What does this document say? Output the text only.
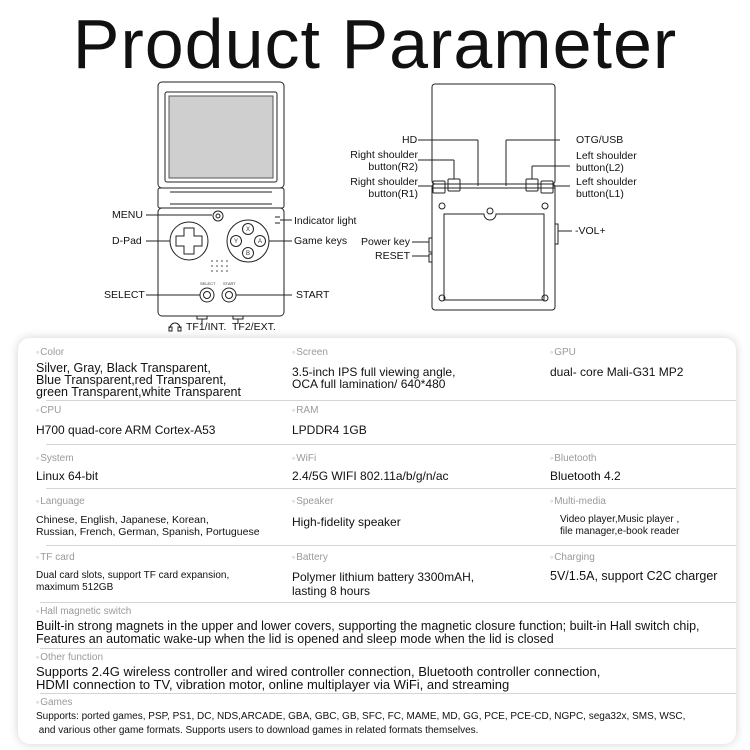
Product Parameter
SELECT START
X
Y	A
B
MENU
D-Pad
SELECT	START
Indicator light
Game keys
TF1/INT. TF2/EXT.
HD
Right shoulder
button(R2)
Right shoulder
button(R1)
OTG/USB
Left shoulder
button(L2)
Left shoulder
button(L1)
-VOL+
Power key
RESET
◦ Color
Silver, Gray, Black Transparent,
Blue Transparent,red Transparent,
green Transparent,white Transparent
◦ Screen
3.5-inch IPS full viewing angle,
OCA full lamination/ 640*480
◦ GPU
dual- core Mali-G31 MP2
◦ CPU
H700 quad-core ARM Cortex-A53
◦ RAM
LPDDR4 1GB
◦ System
Linux 64-bit
◦ WiFi
2.4/5G WIFI 802.11a/b/g/n/ac
◦ Bluetooth
Bluetooth 4.2
◦ Language
Chinese, English, Japanese, Korean,
Russian, French, German, Spanish, Portuguese
◦ Speaker
High-fidelity speaker
◦ Multi-media
Video player,Music player ,
file manager,e-book reader
◦ TF card
Dual card slots, support TF card expansion,
maximum 512GB
◦ Battery
Polymer lithium battery 3300mAH,
lasting 8 hours
◦ Charging
5V/1.5A, support C2C charger
◦ Hall magnetic switch
Built-in strong magnets in the upper and lower covers, supporting the magnetic closure function; built-in Hall switch chip,
Features an automatic wake-up when the lid is opened and sleep mode when the lid is closed
◦ Other function
Supports 2.4G wireless controller and wired controller connection, Bluetooth controller connection,
HDMI connection to TV, vibration motor, online multiplayer via WiFi, and streaming
◦ Games
Supports: ported games, PSP, PS1, DC, NDS,ARCADE, GBA, GBC, GB, SFC, FC, MAME, MD, GG, PCE, PCE-CD, NGPC, sega32x, SMS, WSC,
and various other game formats. Supports users to download games in related formats themselves.
